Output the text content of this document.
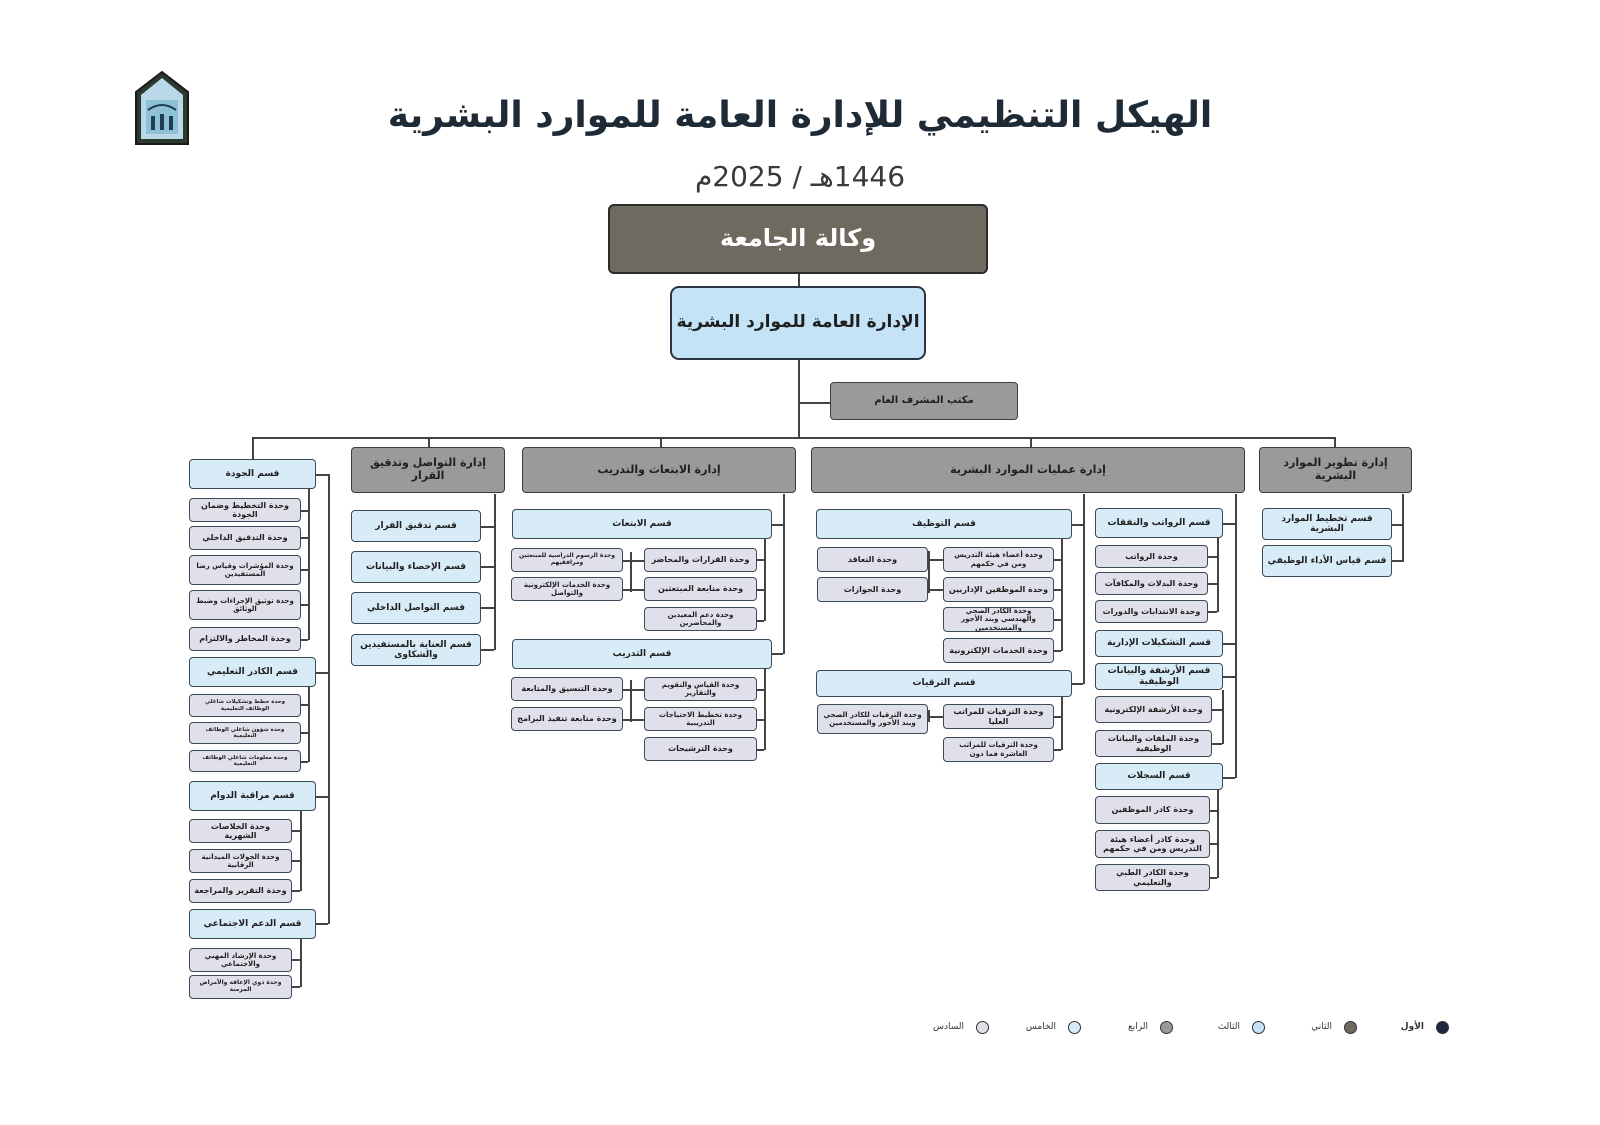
الهيكل التنظيمي للإدارة العامة للموارد البشرية
1446هـ / 2025م
وكالة الجامعة
الإدارة العامة للموارد البشرية
مكتب المشرف العام
إدارة تطوير الموارد البشرية
إدارة عمليات الموارد البشرية
إدارة الابتعاث والتدريب
إدارة التواصل وتدقيق القرار
قسم تخطيط الموارد البشرية
قسم قياس الأداء الوظيفي
قسم الرواتب والنفقات
وحدة الرواتب
وحدة البدلات والمكافآت
وحدة الانتدابات والدورات
قسم التشكيلات الإدارية
قسم الأرشفة والبيانات الوظيفية
وحدة الأرشفة الإلكترونية
وحدة الملفات والبيانات الوظيفية
قسم السجلات
وحدة كادر الموظفين
وحدة كادر أعضاء هيئة التدريس ومن في حكمهم
وحدة الكادر الطبي والتعليمي
قسم التوظيف
وحدة أعضاء هيئة التدريس ومن في حكمهم
وحدة الموظفين الإداريين
وحدة الكادر الصحي والهندسي وبند الأجور والمستخدمين
وحدة الخدمات الإلكترونية
وحدة التعاقد
وحدة الجوازات
قسم الترقيات
وحدة الترقيات للمراتب العليا
وحدة الترقيات للمراتب العاشرة فما دون
وحدة الترقيات للكادر الصحي وبند الأجور والمستخدمين
قسم الابتعاث
وحدة القرارات والمحاضر
وحدة متابعة المبتعثين
وحدة دعم المعيدين والمحاضرين
وحدة الرسوم الدراسية للمبتعثين ومرافقيهم
وحدة الخدمات الإلكترونية والتواصل
قسم التدريب
وحدة القياس والتقويم والتقارير
وحدة تخطيط الاحتياجات التدريبية
وحدة الترشيحات
وحدة التنسيق والمتابعة
وحدة متابعة تنفيذ البرامج
قسم تدقيق القرار
قسم الإحصاء والبيانات
قسم التواصل الداخلي
قسم العناية بالمستفيدين والشكاوى
قسم الجودة
وحدة التخطيط وضمان الجودة
وحدة التدقيق الداخلي
وحدة المؤشرات وقياس رضا المستفيدين
وحدة توثيق الإجراءات وضبط الوثائق
وحدة المخاطر والالتزام
قسم الكادر التعليمي
وحدة خطط وتشكيلات شاغلي الوظائف التعليمية
وحدة شؤون شاغلي الوظائف التعليمية
وحدة معلومات شاغلي الوظائف التعليمية
قسم مراقبة الدوام
وحدة الخلاصات الشهرية
وحدة الجولات الميدانية الرقابية
وحدة التقرير والمراجعة
قسم الدعم الاجتماعي
وحدة الإرشاد المهني والاجتماعي
وحدة ذوي الإعاقة والأمراض المزمنة
الأول
الثاني
الثالث
الرابع
الخامس
السادس
